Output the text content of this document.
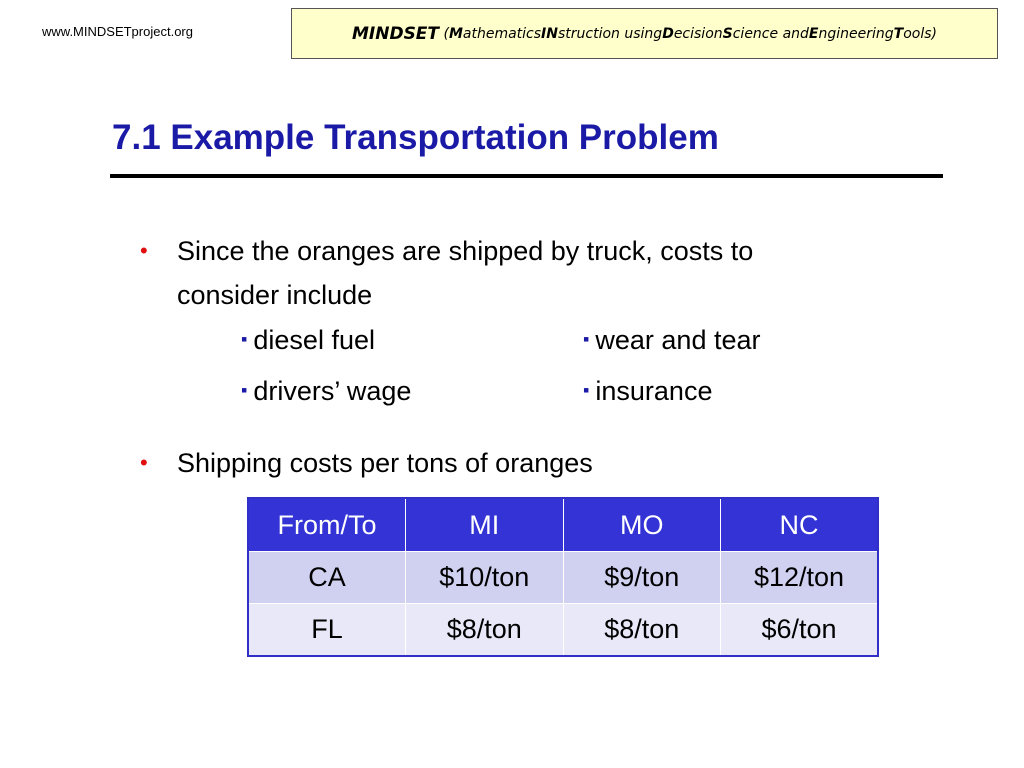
www.MINDSETproject.org	MINDSET
( M athematics IN struction using D ecision S cience and E ngineering T ools )
7.1 Example Transportation Problem
• Since the oranges are shipped by truck, costs to
consider include
▪ diesel fuel	▪ wear and tear
▪ drivers’ wage	▪ insurance
• Shipping costs per tons of oranges
From/To	MI	MO	NC
CA	$10/ton	$9/ton	$12/ton
FL	$8/ton	$8/ton	$6/ton
